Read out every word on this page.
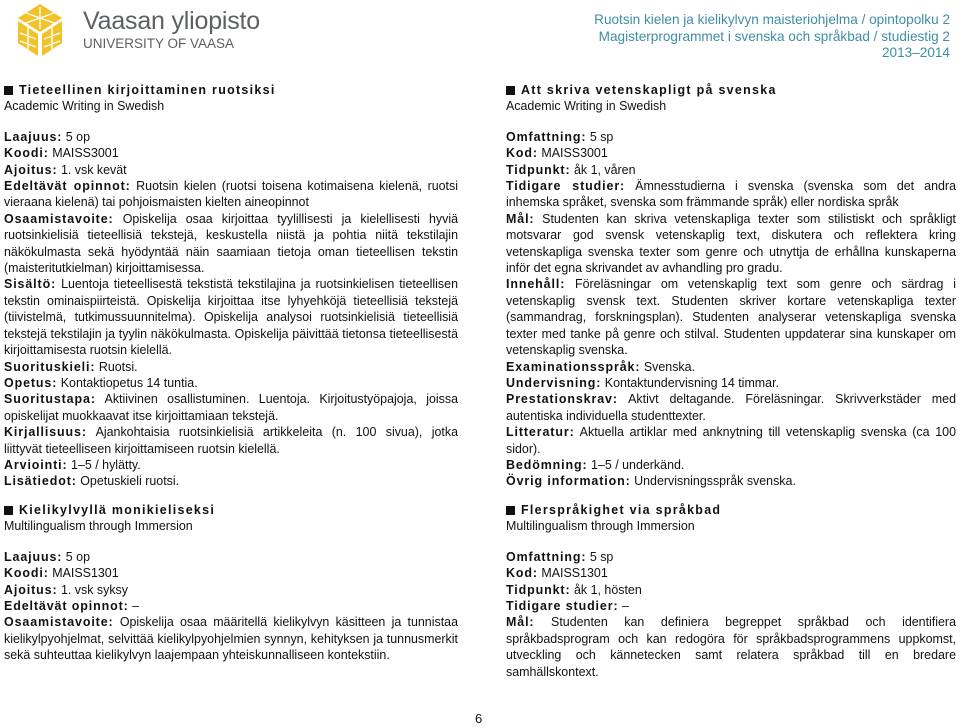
Vaasan yliopisto
UNIVERSITY OF VAASA
Ruotsin kielen ja kielikylvyn maisteriohjelma / opintopolku 2
Magisterprogrammet i svenska och språkbad / studiestig 2
2013–2014
Tieteellinen kirjoittaminen ruotsiksi
Academic Writing in Swedish

Laajuus: 5 op

Koodi: MAISS3001

Ajoitus: 1. vsk kevät

Edeltävät opinnot: Ruotsin kielen (ruotsi toisena kotimaisena kielenä, ruotsi vieraana kielenä) tai pohjoismaisten kielten aineopinnot

Osaamistavoite: Opiskelija osaa kirjoittaa tyylillisesti ja kielellisesti hyviä ruotsinkielisiä tieteellisiä tekstejä, keskustella niistä ja pohtia niitä tekstilajin näkökulmasta sekä hyödyntää näin saamiaan tietoja oman tieteellisen tekstin (maisteritutkielman) kirjoittamisessa.

Sisältö: Luentoja tieteellisestä tekstistä tekstilajina ja ruotsinkielisen tieteellisen tekstin ominaispiirteistä. Opiskelija kirjoittaa itse lyhyehköjä tieteellisiä tekstejä (tiivistelmä, tutkimussuunnitelma). Opiskelija analysoi ruotsinkielisiä tieteellisiä tekstejä tekstilajin ja tyylin näkökulmasta. Opiskelija päivittää tietonsa tieteellisestä kirjoittamisesta ruotsin kielellä.

Suorituskieli: Ruotsi.

Opetus: Kontaktiopetus 14 tuntia.

Suoritustapa: Aktiivinen osallistuminen. Luentoja. Kirjoitustyöpajoja, joissa opiskelijat muokkaavat itse kirjoittamiaan tekstejä.

Kirjallisuus: Ajankohtaisia ruotsinkielisiä artikkeleita (n. 100 sivua), jotka liittyvät tieteelliseen kirjoittamiseen ruotsin kielellä.

Arviointi: 1–5 / hylätty.

Lisätiedot: Opetuskieli ruotsi.

Att skriva vetenskapligt på svenska
Academic Writing in Swedish

Omfattning: 5 sp

Kod: MAISS3001

Tidpunkt: åk 1, våren

Tidigare studier: Ämnesstudierna i svenska (svenska som det andra inhemska språket, svenska som främmande språk) eller nordiska språk

Mål: Studenten kan skriva vetenskapliga texter som stilistiskt och språkligt motsvarar god svensk vetenskaplig text, diskutera och reflektera kring vetenskapliga svenska texter som genre och utnyttja de erhållna kunskaperna inför det egna skrivandet av avhandling pro gradu.

Innehåll: Föreläsningar om vetenskaplig text som genre och särdrag i vetenskaplig svensk text. Studenten skriver kortare vetenskapliga texter (sammandrag, forskningsplan). Studenten analyserar vetenskapliga svenska texter med tanke på genre och stilval. Studenten uppdaterar sina kunskaper om vetenskaplig svenska.

Examinationsspråk: Svenska.

Undervisning: Kontaktundervisning 14 timmar.

Prestationskrav: Aktivt deltagande. Föreläsningar. Skrivverkstäder med autentiska individuella studenttexter.

Litteratur: Aktuella artiklar med anknytning till vetenskaplig svenska (ca 100 sidor).

Bedömning: 1–5 / underkänd.

Övrig information: Undervisningsspråk svenska.

Kielikylvyllä monikieliseksi
Multilingualism through Immersion

Laajuus: 5 op

Koodi: MAISS1301

Ajoitus: 1. vsk syksy

Edeltävät opinnot: –

Osaamistavoite: Opiskelija osaa määritellä kielikylvyn käsitteen ja tunnistaa kielikylpyohjelmat, selvittää kielikylpyohjelmien synnyn, kehityksen ja tunnusmerkit sekä suhteuttaa kielikylvyn laajempaan yhteiskunnalliseen kontekstiin.

Flerspråkighet via språkbad
Multilingualism through Immersion

Omfattning: 5 sp

Kod: MAISS1301

Tidpunkt: åk 1, hösten

Tidigare studier: –

Mål: Studenten kan definiera begreppet språkbad och identifiera språkbadsprogram och kan redogöra för språkbadsprogrammens uppkomst, utveckling och kännetecken samt relatera språkbad till en bredare samhällskontext.

6
